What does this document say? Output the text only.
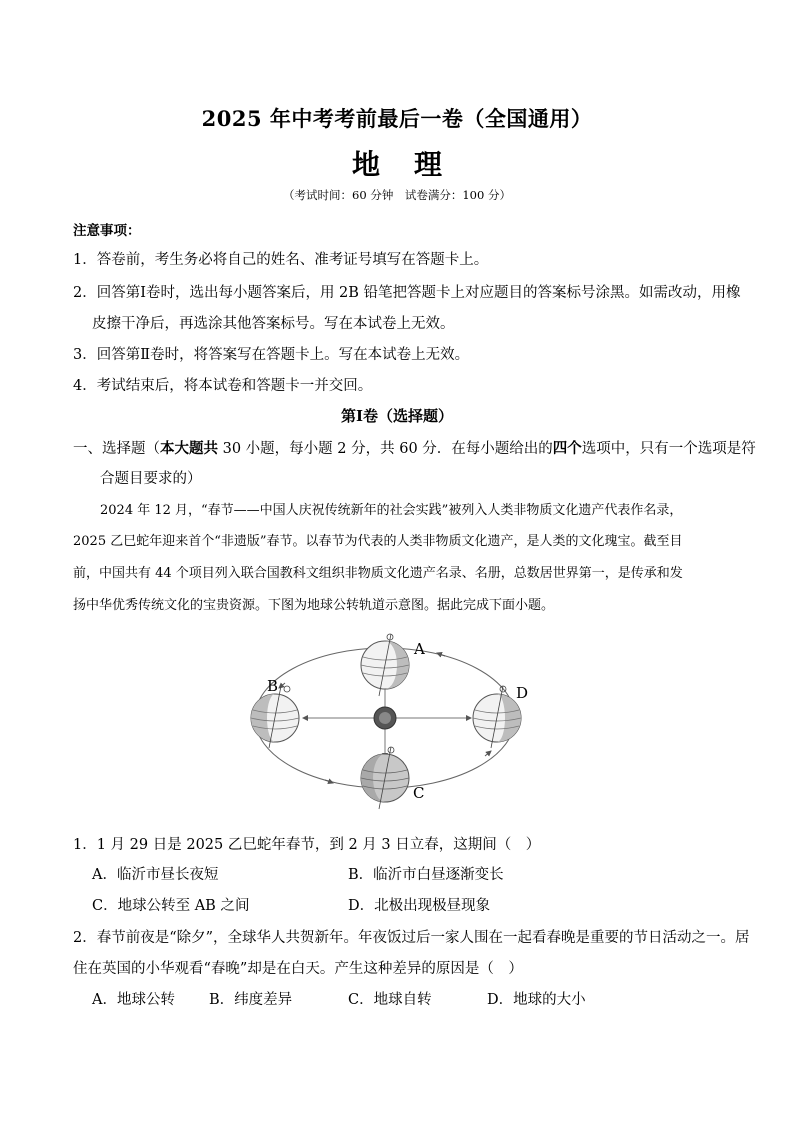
2025 年中考考前最后一卷（全国通用）
地理
（考试时间：60 分钟　试卷满分：100 分）
注意事项：
1．答卷前，考生务必将自己的姓名、准考证号填写在答题卡上。
2．回答第Ⅰ卷时，选出每小题答案后，用 2B 铅笔把答题卡上对应题目的答案标号涂黑。如需改动，用橡
皮擦干净后，再选涂其他答案标号。写在本试卷上无效。
3．回答第Ⅱ卷时，将答案写在答题卡上。写在本试卷上无效。
4．考试结束后，将本试卷和答题卡一并交回。
第Ⅰ卷（选择题）
一、选择题（本大题共 30 小题，每小题 2 分，共 60 分．在每小题给出的四个选项中，只有一个选项是符
合题目要求的）
2024 年 12 月，“春节——中国人庆祝传统新年的社会实践”被列入人类非物质文化遗产代表作名录，
2025 乙巳蛇年迎来首个“非遗版”春节。以春节为代表的人类非物质文化遗产，是人类的文化瑰宝。截至目
前，中国共有 44 个项目列入联合国教科文组织非物质文化遗产名录、名册，总数居世界第一，是传承和发
扬中华优秀传统文化的宝贵资源。下图为地球公转轨道示意图。据此完成下面小题。
A
B	D
C
1．1 月 29 日是 2025 乙巳蛇年春节，到 2 月 3 日立春，这期间（　）
A．临沂市昼长夜短	B．临沂市白昼逐渐变长
C．地球公转至 AB 之间	D．北极出现极昼现象
2．春节前夜是“除夕”，全球华人共贺新年。年夜饭过后一家人围在一起看春晚是重要的节日活动之一。居
住在英国的小华观看“春晚”却是在白天。产生这种差异的原因是（　）
A．地球公转 B．纬度差异	C．地球自转	D．地球的大小
